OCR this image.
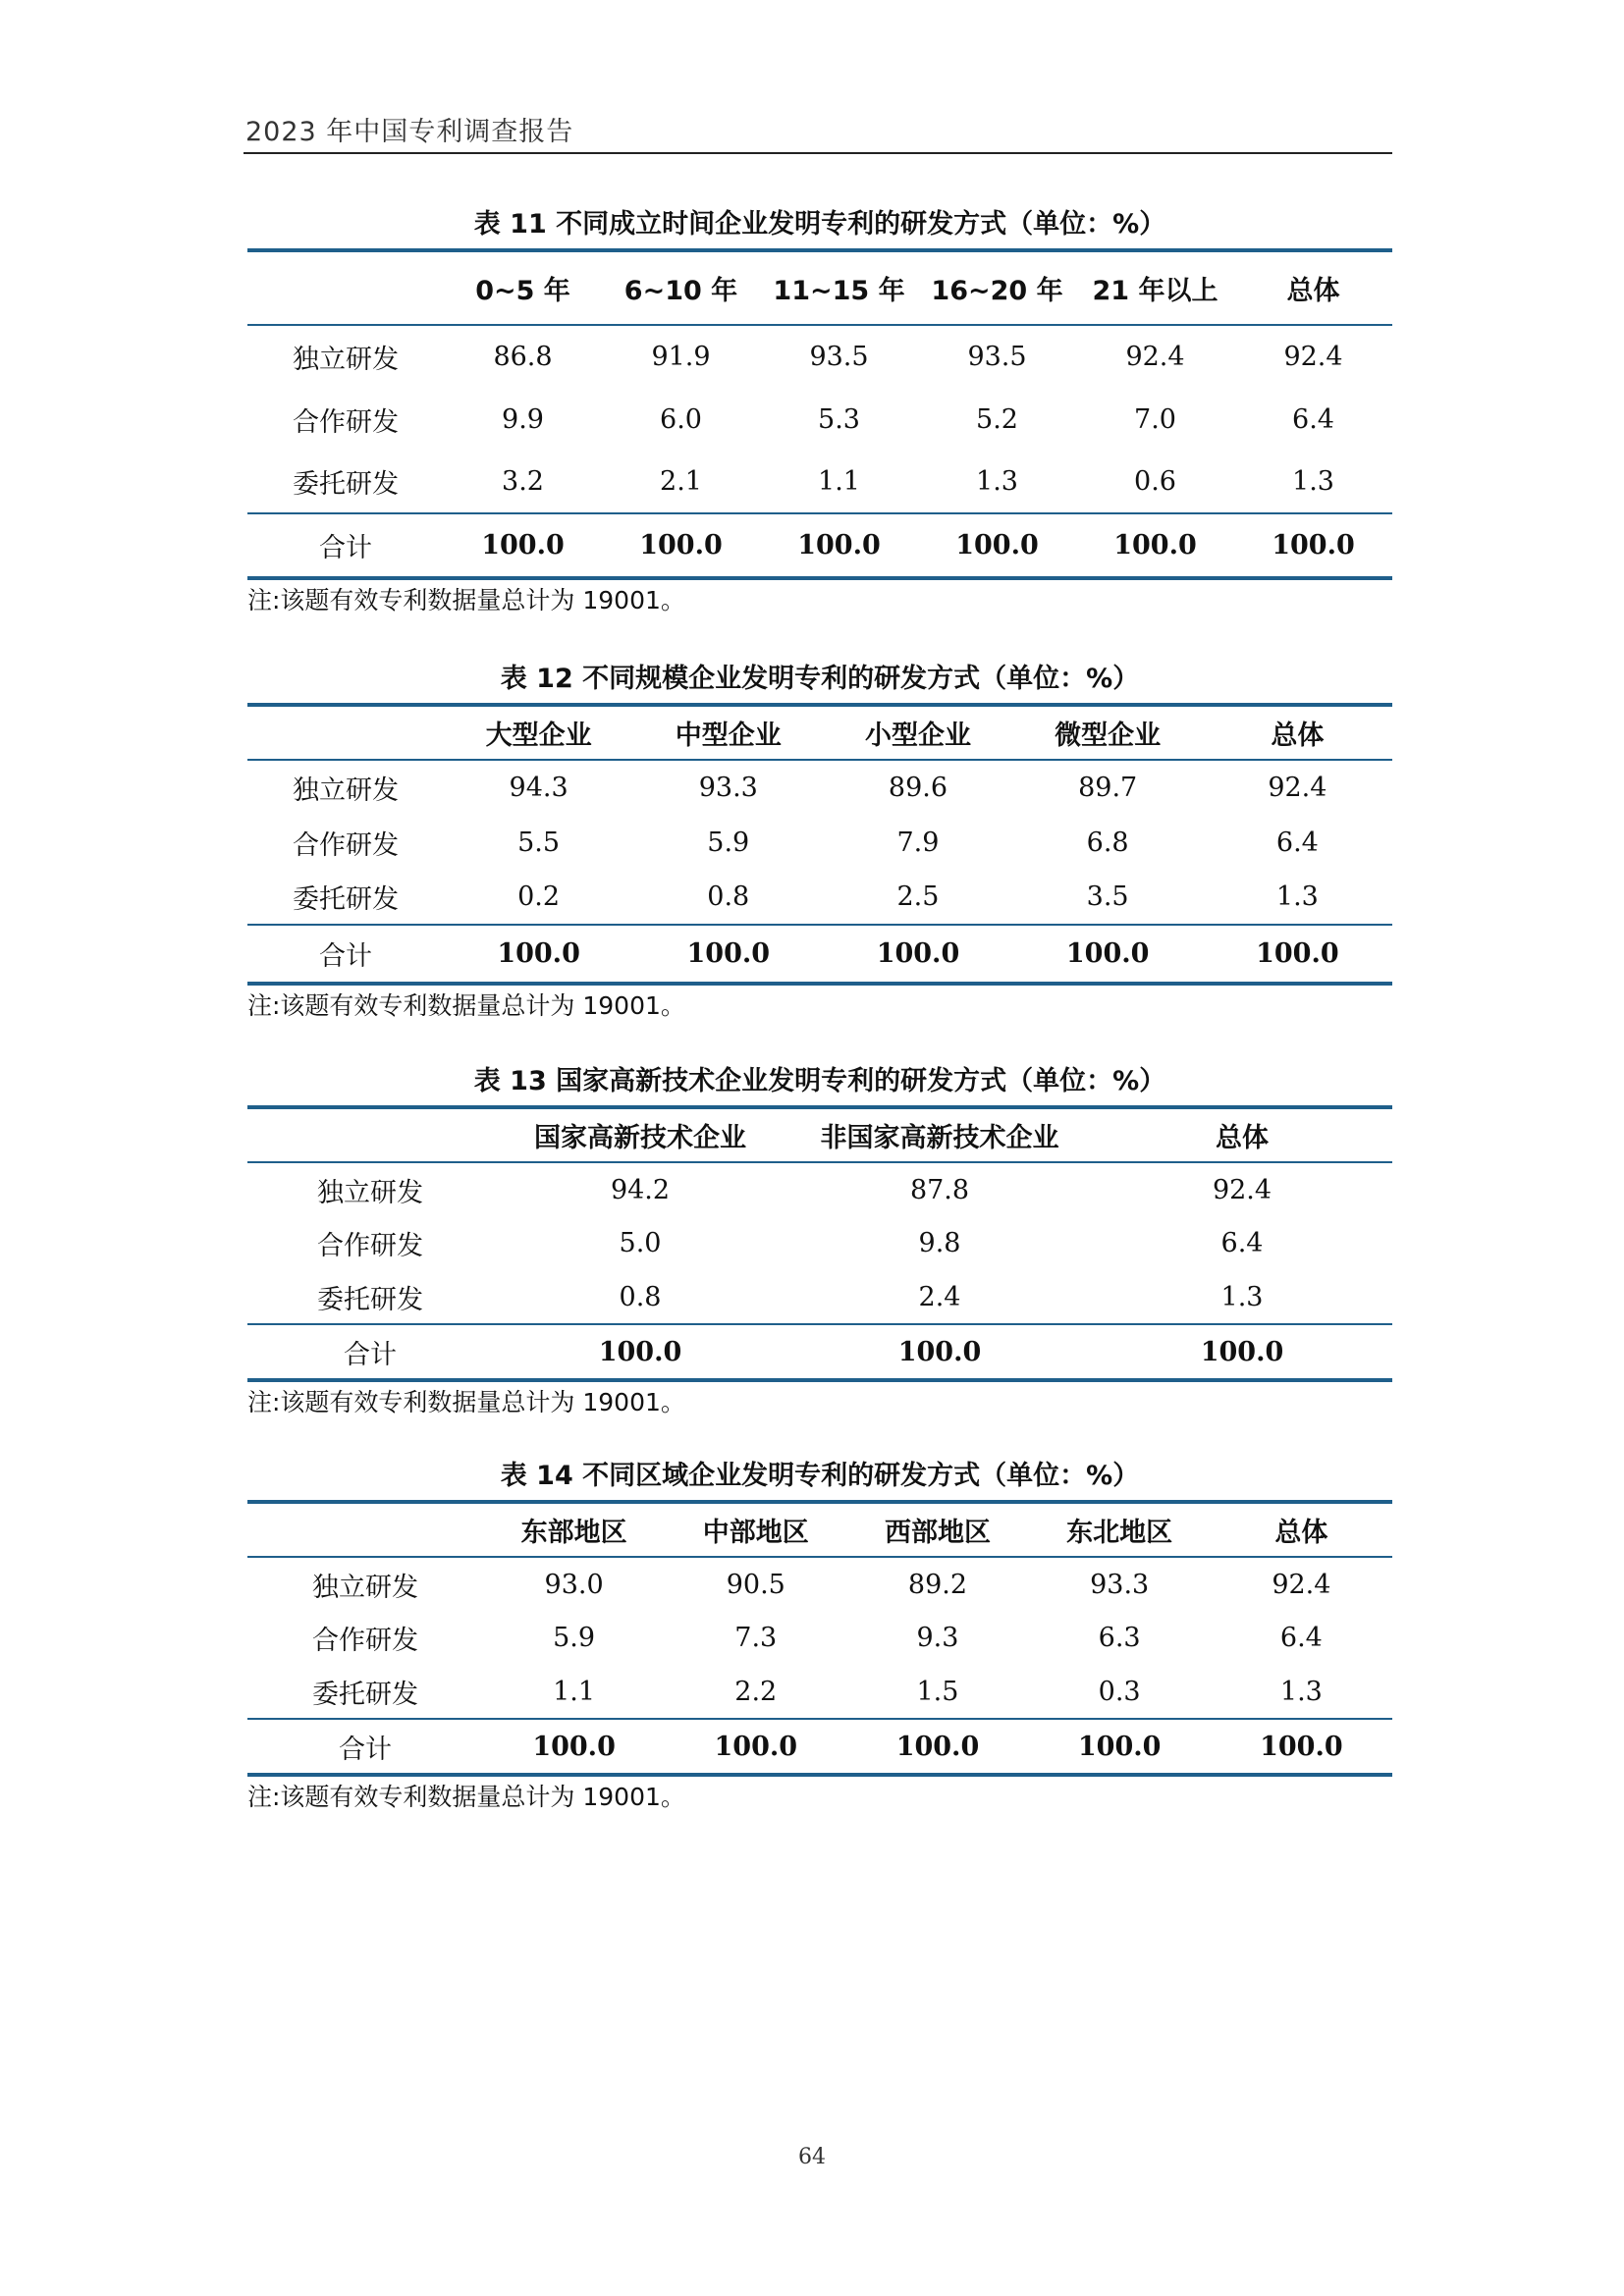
2023 年中国专利调查报告
表 11 不同成立时间企业发明专利的研发方式（单位：%）
	0~5 年	6~10 年	11~15 年	16~20 年	21 年以上	总体
独立研发	86.8	91.9	93.5	93.5	92.4	92.4
合作研发	9.9	6.0	5.3	5.2	7.0	6.4
委托研发	3.2	2.1	1.1	1.3	0.6	1.3
合计	100.0	100.0	100.0	100.0	100.0	100.0
注:该题有效专利数据量总计为 19001。
表 12 不同规模企业发明专利的研发方式（单位：%）
	大型企业	中型企业	小型企业	微型企业	总体
独立研发	94.3	93.3	89.6	89.7	92.4
合作研发	5.5	5.9	7.9	6.8	6.4
委托研发	0.2	0.8	2.5	3.5	1.3
合计	100.0	100.0	100.0	100.0	100.0
注:该题有效专利数据量总计为 19001。
表 13 国家高新技术企业发明专利的研发方式（单位：%）
	国家高新技术企业	非国家高新技术企业	总体
独立研发	94.2	87.8	92.4
合作研发	5.0	9.8	6.4
委托研发	0.8	2.4	1.3
合计	100.0	100.0	100.0
注:该题有效专利数据量总计为 19001。
表 14 不同区域企业发明专利的研发方式（单位：%）
	东部地区	中部地区	西部地区	东北地区	总体
独立研发	93.0	90.5	89.2	93.3	92.4
合作研发	5.9	7.3	9.3	6.3	6.4
委托研发	1.1	2.2	1.5	0.3	1.3
合计	100.0	100.0	100.0	100.0	100.0
注:该题有效专利数据量总计为 19001。
64
